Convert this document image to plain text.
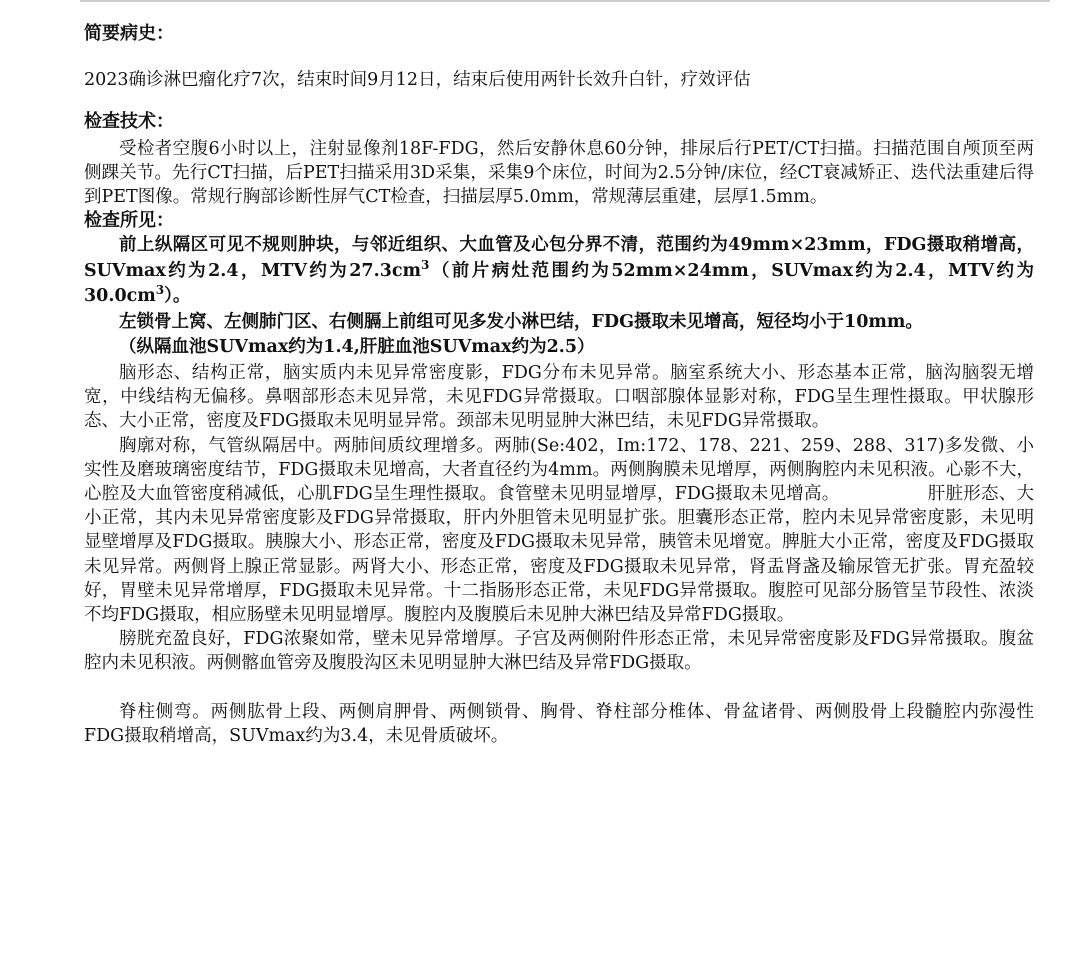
简要病史：

2023确诊淋巴瘤化疗7次，结束时间9月12日，结束后使用两针长效升白针，疗效评估

检查技术：

受检者空腹6小时以上，注射显像剂18F-FDG，然后安静休息60分钟，排尿后行PET/CT扫描。扫描范围自颅顶至两侧踝关节。先行CT扫描，后PET扫描采用3D采集，采集9个床位，时间为2.5分钟/床位，经CT衰减矫正、迭代法重建后得到PET图像。常规行胸部诊断性屏气CT检查，扫描层厚5.0mm，常规薄层重建，层厚1.5mm。

检查所见：

前上纵隔区可见不规则肿块，与邻近组织、大血管及心包分界不清，范围约为49mm×23mm，FDG摄取稍增高，SUVmax约为2.4，MTV约为$27.3cm^3$（前片病灶范围约为52mm×24mm，SUVmax约为2.4，MTV约为$30.0cm^3$）。

左锁骨上窝、左侧肺门区、右侧膈上前组可见多发小淋巴结，FDG摄取未见增高，短径均小于10mm。

（纵隔血池SUVmax约为1.4,肝脏血池SUVmax约为2.5）

脑形态、结构正常，脑实质内未见异常密度影，FDG分布未见异常。脑室系统大小、形态基本正常，脑沟脑裂无增宽，中线结构无偏移。鼻咽部形态未见异常，未见FDG异常摄取。口咽部腺体显影对称，FDG呈生理性摄取。甲状腺形态、大小正常，密度及FDG摄取未见明显异常。颈部未见明显肿大淋巴结，未见FDG异常摄取。

胸廓对称，气管纵隔居中。两肺间质纹理增多。两肺(Se:402，Im:172、178、221、259、288、317)多发微、小实性及磨玻璃密度结节，FDG摄取未见增高，大者直径约为4mm。两侧胸膜未见增厚，两侧胸腔内未见积液。心影不大，心腔及大血管密度稍减低，心肌FDG呈生理性摄取。食管壁未见明显增厚，FDG摄取未见增高。	肝脏形态、大小正常，其内未见异常密度影及FDG异常摄取，肝内外胆管未见明显扩张。胆囊形态正常，腔内未见异常密度影，未见明显壁增厚及FDG摄取。胰腺大小、形态正常，密度及FDG摄取未见异常，胰管未见增宽。脾脏大小正常，密度及FDG摄取未见异常。两侧肾上腺正常显影。两肾大小、形态正常，密度及FDG摄取未见异常，肾盂肾盏及输尿管无扩张。胃充盈较好，胃壁未见异常增厚，FDG摄取未见异常。十二指肠形态正常，未见FDG异常摄取。腹腔可见部分肠管呈节段性、浓淡不均FDG摄取，相应肠壁未见明显增厚。腹腔内及腹膜后未见肿大淋巴结及异常FDG摄取。

膀胱充盈良好，FDG浓聚如常，壁未见异常增厚。子宫及两侧附件形态正常，未见异常密度影及FDG异常摄取。腹盆腔内未见积液。两侧髂血管旁及腹股沟区未见明显肿大淋巴结及异常FDG摄取。

脊柱侧弯。两侧肱骨上段、两侧肩胛骨、两侧锁骨、胸骨、脊柱部分椎体、骨盆诸骨、两侧股骨上段髓腔内弥漫性FDG摄取稍增高，SUVmax约为3.4，未见骨质破坏。
